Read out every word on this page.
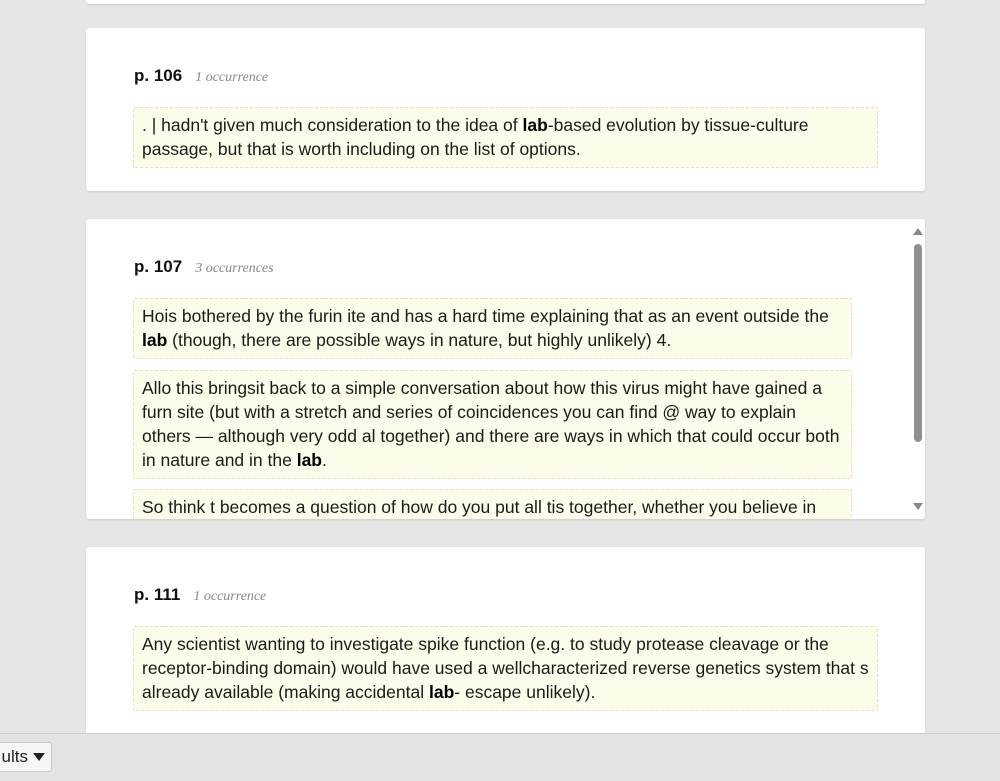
p. 106 1 occurrence
. | hadn't given much consideration to the idea of lab-based evolution by tissue-culture passage, but that is worth including on the list of options.
p. 107 3 occurrences
Hois bothered by the furin ite and has a hard time explaining that as an event outside the lab (though, there are possible ways in nature, but highly unlikely) 4.
Allo this bringsit back to a simple conversation about how this virus might have gained a furn site (but with a stretch and series of coincidences you can find @ way to explain others — although very odd al together) and there are ways in which that could occur both in nature and in the lab.
So think t becomes a question of how do you put all tis together, whether you believe in
p. 111 1 occurrence
Any scientist wanting to investigate spike function (e.g. to study protease cleavage or the receptor-binding domain) would have used a wellcharacterized reverse genetics system that s already available (making accidental lab- escape unlikely).
ults
